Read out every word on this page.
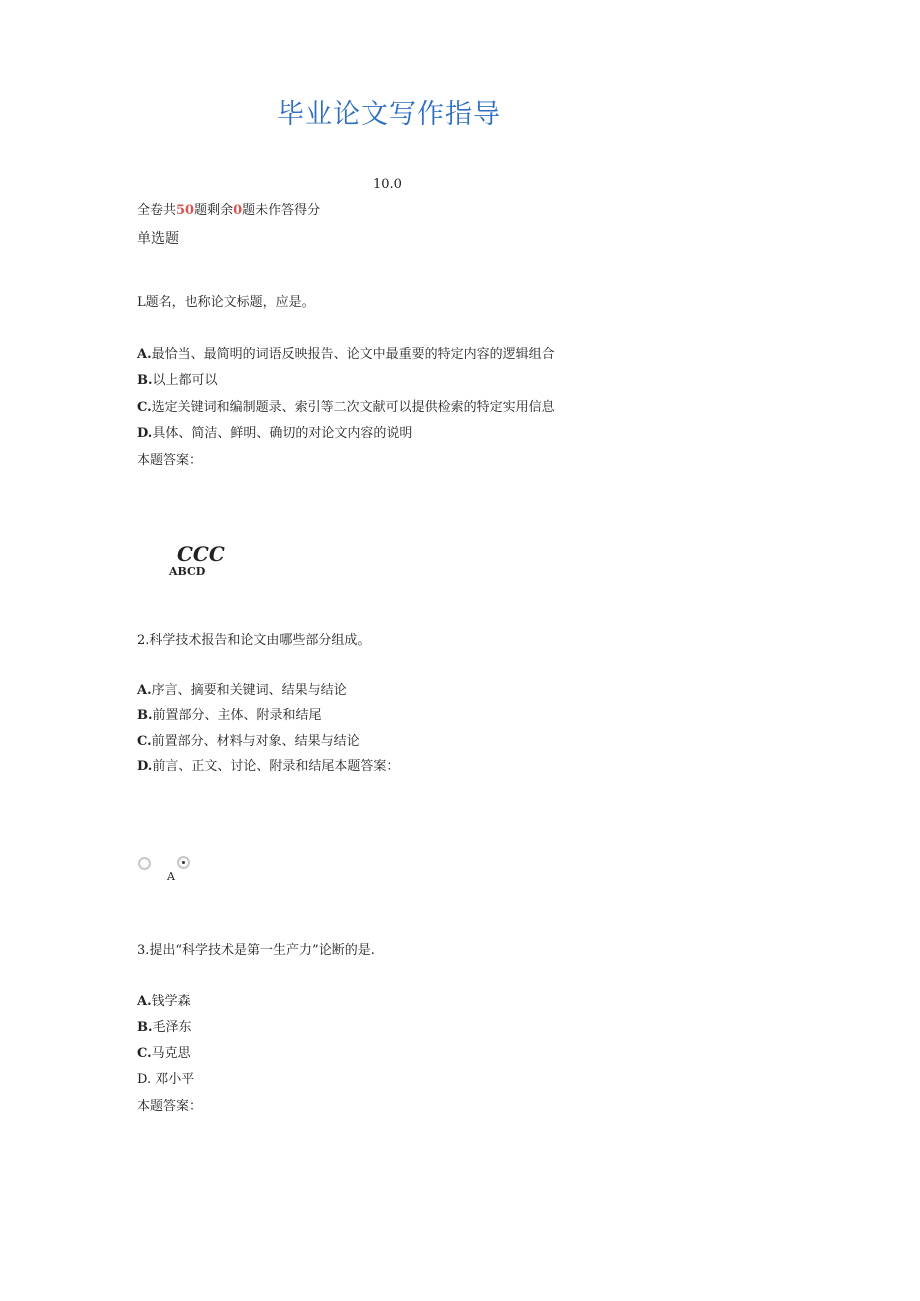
毕业论文写作指导
10.0
全卷共50题剩余0题未作答得分
单选题
L题名，也称论文标题，应是。
A.最恰当、最简明的词语反映报告、论文中最重要的特定内容的逻辑组合
B.以上都可以
C.选定关键词和编制题录、索引等二次文献可以提供检索的特定实用信息
D.具体、简洁、鲜明、确切的对论文内容的说明
本题答案：
CCC
ABCD
2.科学技术报告和论文由哪些部分组成。
A.序言、摘要和关键词、结果与结论
B.前置部分、主体、附录和结尾
C.前置部分、材料与对象、结果与结论
D.前言、正文、讨论、附录和结尾本题答案：
A
3.提出“科学技术是第一生产力”论断的是.
A.钱学森
B.毛泽东
C.马克思
D. 邓小平
本题答案：
